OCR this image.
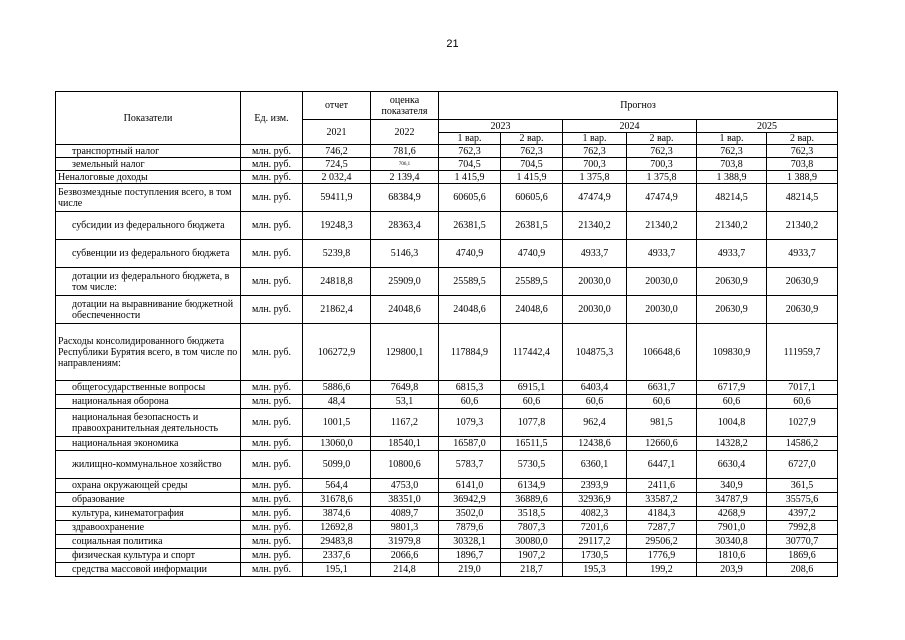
21
Показатели	Ед. изм.	отчет	оценка показателя	Прогноз					
		2021	2022	2023		2024		2025	
				1 вар.	2 вар.	1 вар.	2 вар.	1 вар.	2 вар.
транспортный налог	млн. руб.	746,2	781,6	762,3	762,3	762,3	762,3	762,3	762,3
земельный налог	млн. руб.	724,5	706,1	704,5	704,5	700,3	700,3	703,8	703,8
Неналоговые доходы	млн. руб.	2 032,4	2 139,4	1 415,9	1 415,9	1 375,8	1 375,8	1 388,9	1 388,9
Безвозмездные поступления всего, в том числе	млн. руб.	59411,9	68384,9	60605,6	60605,6	47474,9	47474,9	48214,5	48214,5
субсидии из федерального бюджета	млн. руб.	19248,3	28363,4	26381,5	26381,5	21340,2	21340,2	21340,2	21340,2
субвенции из федерального бюджета	млн. руб.	5239,8	5146,3	4740,9	4740,9	4933,7	4933,7	4933,7	4933,7
дотации из федерального бюджета, в том числе:	млн. руб.	24818,8	25909,0	25589,5	25589,5	20030,0	20030,0	20630,9	20630,9
дотации на выравнивание бюджетной обеспеченности	млн. руб.	21862,4	24048,6	24048,6	24048,6	20030,0	20030,0	20630,9	20630,9
Расходы консолидированного бюджета Республики Бурятия всего, в том числе по направлениям:	млн. руб.	106272,9	129800,1	117884,9	117442,4	104875,3	106648,6	109830,9	111959,7
общегосударственные вопросы	млн. руб.	5886,6	7649,8	6815,3	6915,1	6403,4	6631,7	6717,9	7017,1
национальная оборона	млн. руб.	48,4	53,1	60,6	60,6	60,6	60,6	60,6	60,6
национальная безопасность и правоохранительная деятельность	млн. руб.	1001,5	1167,2	1079,3	1077,8	962,4	981,5	1004,8	1027,9
национальная экономика	млн. руб.	13060,0	18540,1	16587,0	16511,5	12438,6	12660,6	14328,2	14586,2
жилищно-коммунальное хозяйство	млн. руб.	5099,0	10800,6	5783,7	5730,5	6360,1	6447,1	6630,4	6727,0
охрана окружающей среды	млн. руб.	564,4	4753,0	6141,0	6134,9	2393,9	2411,6	340,9	361,5
образование	млн. руб.	31678,6	38351,0	36942,9	36889,6	32936,9	33587,2	34787,9	35575,6
культура, кинематография	млн. руб.	3874,6	4089,7	3502,0	3518,5	4082,3	4184,3	4268,9	4397,2
здравоохранение	млн. руб.	12692,8	9801,3	7879,6	7807,3	7201,6	7287,7	7901,0	7992,8
социальная политика	млн. руб.	29483,8	31979,8	30328,1	30080,0	29117,2	29506,2	30340,8	30770,7
физическая культура и спорт	млн. руб.	2337,6	2066,6	1896,7	1907,2	1730,5	1776,9	1810,6	1869,6
средства массовой информации	млн. руб.	195,1	214,8	219,0	218,7	195,3	199,2	203,9	208,6
